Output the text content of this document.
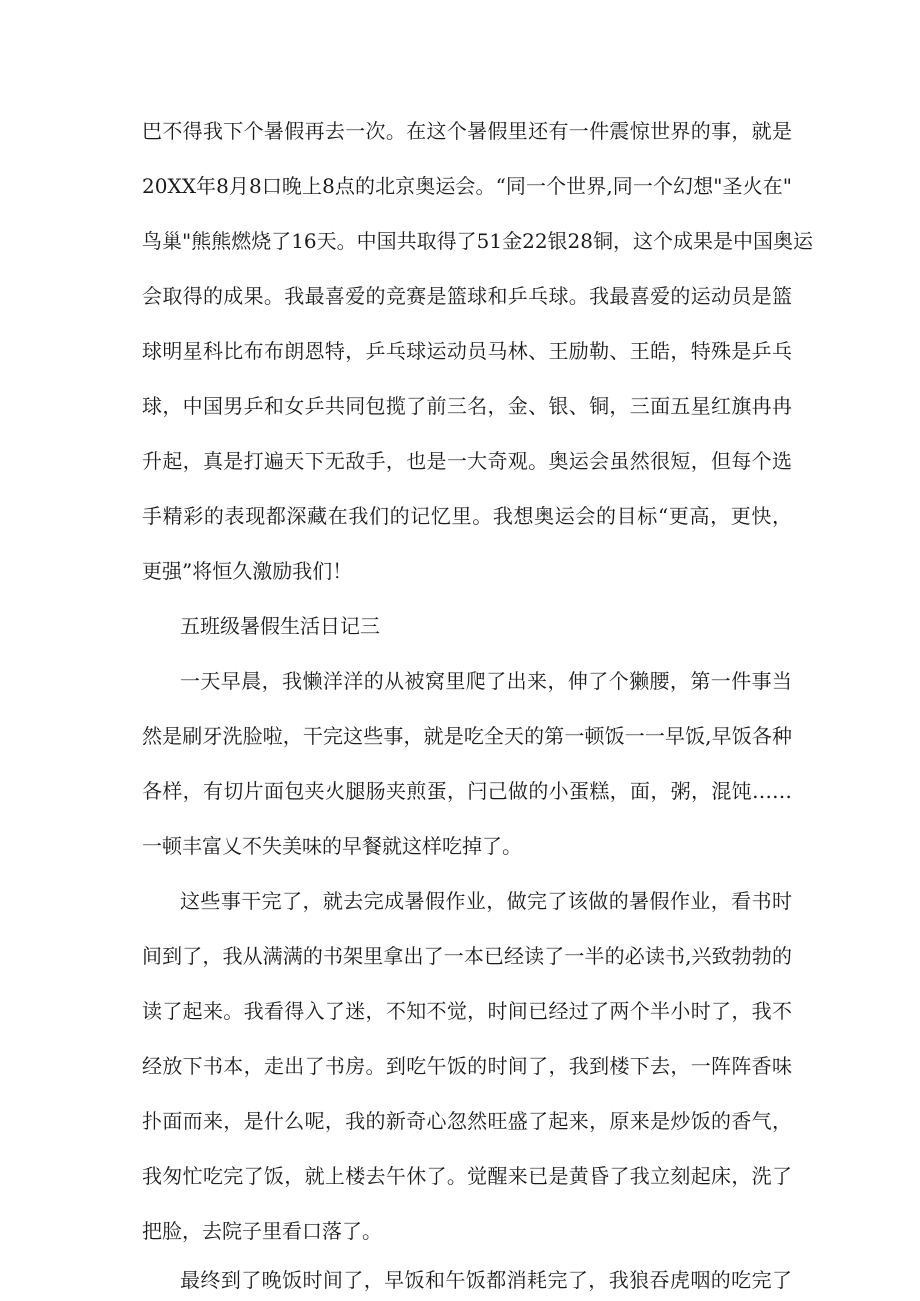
巴不得我下个暑假再去一次。在这个暑假里还有一件震惊世界的事，就是
20XX年8月8口晚上8点的北京奥运会。“同一个世界,同一个幻想"圣火在"
鸟巢"熊熊燃烧了16天。中国共取得了51金22银28铜，这个成果是中国奥运
会取得的成果。我最喜爱的竞赛是篮球和乒乓球。我最喜爱的运动员是篮
球明星科比布布朗恩特，乒乓球运动员马林、王励勒、王皓，特殊是乒乓
球，中国男乒和女乒共同包揽了前三名，金、银、铜，三面五星红旗冉冉
升起，真是打遍天下无敌手，也是一大奇观。奥运会虽然很短，但每个选
手精彩的表现都深藏在我们的记忆里。我想奥运会的目标“更高，更快，
更强”将恒久激励我们！
五班级暑假生活日记三
一天早晨，我懒洋洋的从被窝里爬了出来，伸了个獭腰，第一件事当
然是刷牙洗脸啦，干完这些事，就是吃全天的第一顿饭一一早饭,早饭各种
各样，有切片面包夹火腿肠夹煎蛋，闩己做的小蛋糕，面，粥，混饨……
一顿丰富乂不失美味的早餐就这样吃掉了。
这些事干完了，就去完成暑假作业，做完了该做的暑假作业，看书时
间到了，我从满满的书架里拿出了一本已经读了一半的必读书,兴致勃勃的
读了起来。我看得入了迷，不知不觉，时间已经过了两个半小时了，我不
经放下书本，走出了书房。到吃午饭的时间了，我到楼下去，一阵阵香味
扑面而来，是什么呢，我的新奇心忽然旺盛了起来，原来是炒饭的香气，
我匆忙吃完了饭，就上楼去午休了。觉醒来已是黄昏了我立刻起床，洗了
把脸，去院子里看口落了。
最终到了晚饭时间了，早饭和午饭都消耗完了，我狼吞虎咽的吃完了
